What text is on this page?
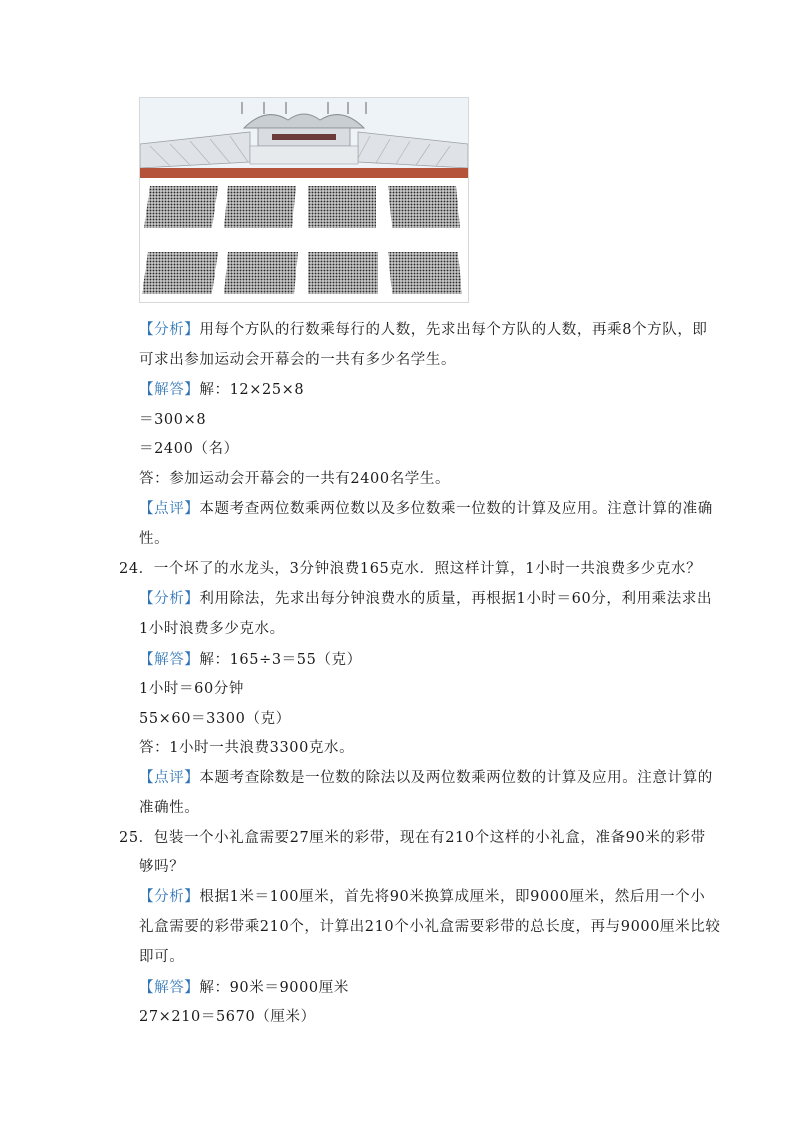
【分析】用每个方队的行数乘每行的人数，先求出每个方队的人数，再乘8个方队，即
可求出参加运动会开幕会的一共有多少名学生。
【解答】解：12×25×8
＝300×8
＝2400（名）
答：参加运动会开幕会的一共有2400名学生。
【点评】本题考查两位数乘两位数以及多位数乘一位数的计算及应用。注意计算的准确
性。
24．一个坏了的水龙头，3分钟浪费165克水．照这样计算，1小时一共浪费多少克水？
【分析】利用除法，先求出每分钟浪费水的质量，再根据1小时＝60分，利用乘法求出
1小时浪费多少克水。
【解答】解：165÷3＝55（克）
1小时＝60分钟
55×60＝3300（克）
答：1小时一共浪费3300克水。
【点评】本题考查除数是一位数的除法以及两位数乘两位数的计算及应用。注意计算的
准确性。
25．包装一个小礼盒需要27厘米的彩带，现在有210个这样的小礼盒，准备90米的彩带
够吗？
【分析】根据1米＝100厘米，首先将90米换算成厘米，即9000厘米，然后用一个小
礼盒需要的彩带乘210个，计算出210个小礼盒需要彩带的总长度，再与9000厘米比较
即可。
【解答】解：90米＝9000厘米
27×210＝5670（厘米）
